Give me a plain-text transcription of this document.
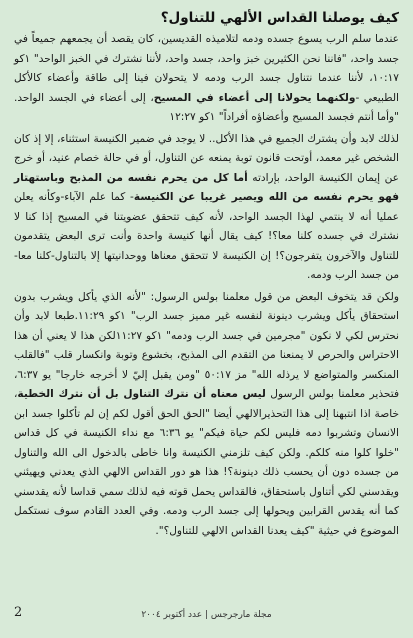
كيف يوصلنا القداس الألهي للتناول؟

عندما سلم الرب يسوع جسده ودمه لتلاميذه القديسين، كان يقصد أن يجمعهم جميعاً في جسد واحد، "فاننا نحن الكثيرين خبز واحد، جسد واحد، لأننا نشترك في الخبز الواحد" ١كو ١٠:١٧، لأننا عندما نتناول جسد الرب ودمه لا يتحولان فينا إلى طاقة وأعضاء كالأكل الطبيعي -ولكنهما يحولانا إلى أعضاء في المسيح، إلى أعضاء في الجسد الواحد. "وأما أنتم فجسد المسيح وأعضاؤه أفراداً" ١كو ١٢:٢٧

لذلك لابد وأن يشترك الجميع في هذا الأكل.. لا يوجد في ضمير الكنيسة استثناء، إلا إذ كان الشخص غير معمد، أوتحت قانون توبة يمنعه عن التناول، أو في حالة خصام عنيد، أو خرج عن إيمان الكنيسة الواحد، بإرادته أما كل من يحرم نفسه من المذبح وباستهتار فهو يحرم نفسه من الله ويصير غريبا عن الكنيسة- كما علم الآباء-وكأنه يعلن عمليا أنه لا ينتمي لهذا الجسد الواحد، لأنه كيف تتحقق عضويتنا في المسيح إذا كنا لا نشترك في جسده كلنا معا؟! كيف يقال أنها كنيسة واحدة وأنت ترى البعض يتقدمون للتناول والآخرون يتفرجون؟! إن الكنيسة لا تتحقق معناها ووحدانيتها إلا بالتناول-كلنا معا- من جسد الرب ودمه.

ولكن قد يتخوف البعض من قول معلمنا بولس الرسول: "لأنه الذي يأكل ويشرب بدون استحقاق يأكل ويشرب دينونة لنفسه غير مميز جسد الرب" ١كو ١١:٢٩.طبعا لابد وأن نحترس لكي لا نكون "مجرمين في جسد الرب ودمه" ١كو ١١:٢٧لكن هذا لا يعني أن هذا الاحتراس والحرص لا يمنعنا من التقدم الى المذبح، بخشوع وتوبة وانكسار قلب "فالقلب المنكسر والمتواضع لا يرذله الله" مز ٥٠:١٧ "ومن يقبل إليّ لا أخرجه خارجا" يو ٦:٣٧، فتحذير معلمنا بولس الرسول ليس معناه أن نترك التناول بل أن نترك الخطية، خاصة اذا انتبهنا إلى هذا التحذيرالالهي أيضا "الحق الحق أقول لكم إن لم تأكلوا جسد ابن الانسان وتشربوا دمه فليس لكم حياة فيكم" يو ٦:٣٦ مع نداء الكنيسة في كل قداس "خلوا كلوا منه كلكم. ولكن كيف تلزمني الكنيسة وانا خاطى بالدخول الى الله والتناول من جسده دون أن يحسب ذلك دينونة؟! هذا هو دور القداس الالهي الذي يعدني ويهيئني ويقدسني لكي أتناول باستحقاق، فالقداس يحمل قوته فيه لذلك سمي قداسا لأنه يقدسني كما أنه يقدس القرابين ويحولها إلى جسد الرب ودمه. وفي العدد القادم سوف نستكمل الموضوع في حيثية "كيف يعدنا القداس الالهي للتناول؟".

2	مجلة مارجرجس | عدد أكتوبر ٢٠٠٤
